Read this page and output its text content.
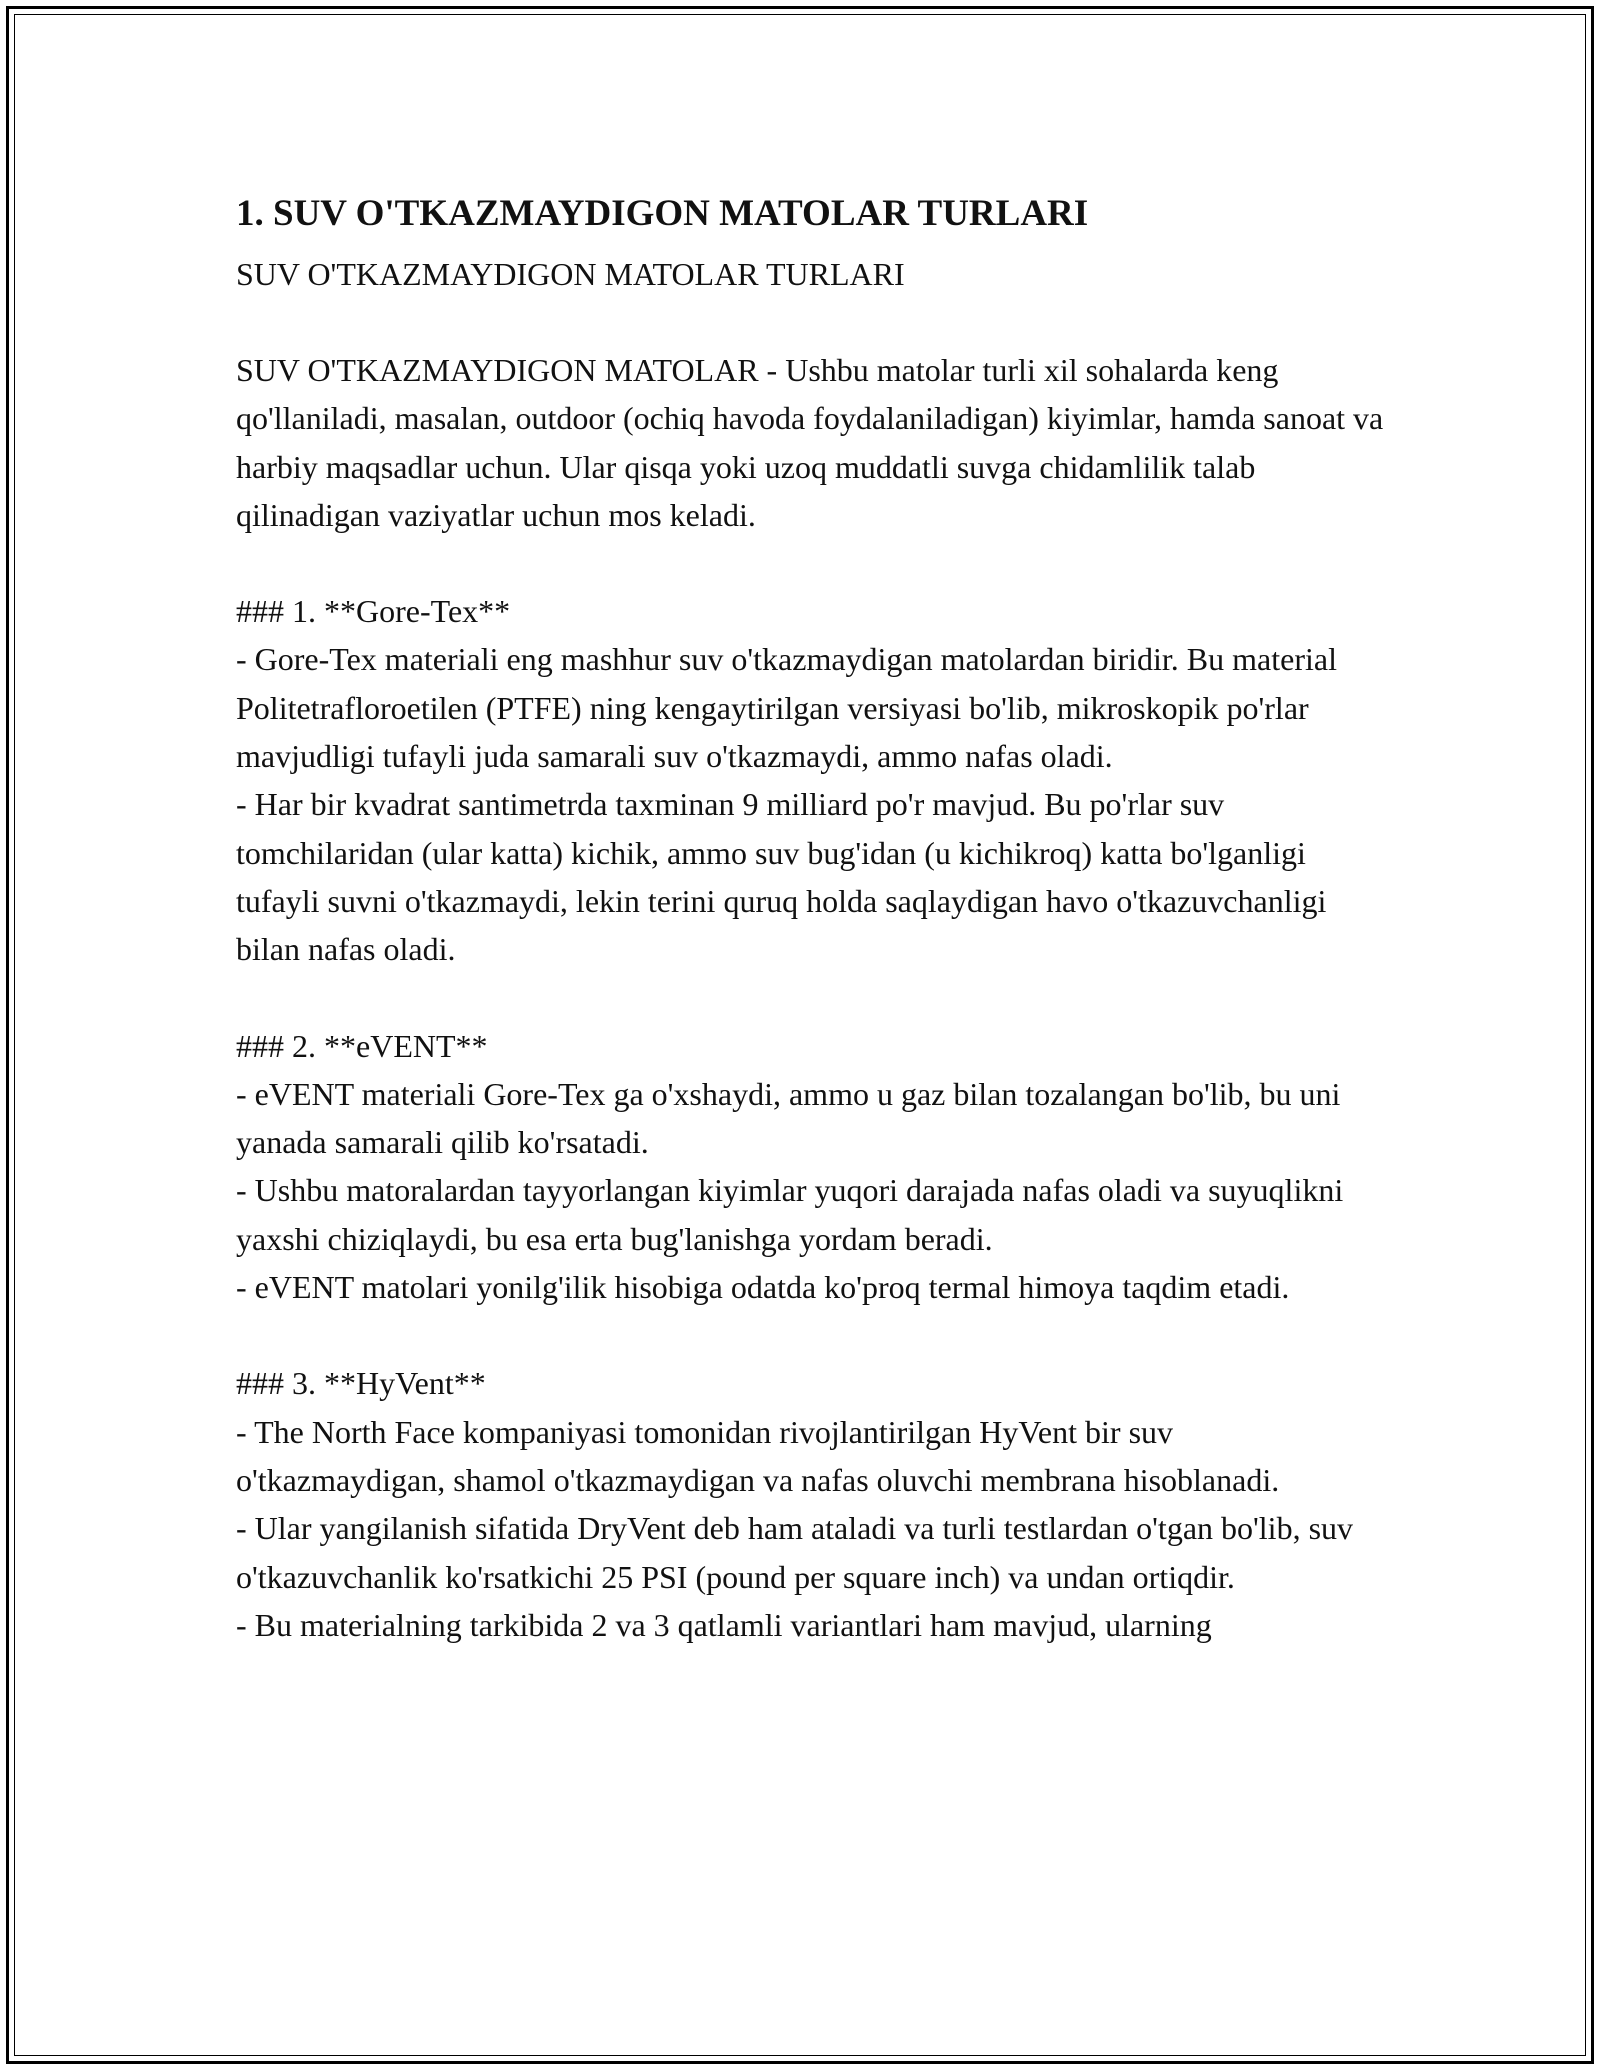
1. SUV O'TKAZMAYDIGON MATOLAR TURLARI

SUV O'TKAZMAYDIGON MATOLAR TURLARI

SUV O'TKAZMAYDIGON MATOLAR - Ushbu matolar turli xil sohalarda keng qo'llaniladi, masalan, outdoor (ochiq havoda foydalaniladigan) kiyimlar, hamda sanoat va harbiy maqsadlar uchun. Ular qisqa yoki uzoq muddatli suvga chidamlilik talab qilinadigan vaziyatlar uchun mos keladi.

### 1. **Gore-Tex**

- Gore-Tex materiali eng mashhur suv o'tkazmaydigan matolardan biridir. Bu material Politetrafloroetilen (PTFE) ning kengaytirilgan versiyasi bo'lib, mikroskopik po'rlar mavjudligi tufayli juda samarali suv o'tkazmaydi, ammo nafas oladi.

- Har bir kvadrat santimetrda taxminan 9 milliard po'r mavjud. Bu po'rlar suv tomchilaridan (ular katta) kichik, ammo suv bug'idan (u kichikroq) katta bo'lganligi tufayli suvni o'tkazmaydi, lekin terini quruq holda saqlaydigan havo o'tkazuvchanligi bilan nafas oladi.

### 2. **eVENT**

- eVENT materiali Gore-Tex ga o'xshaydi, ammo u gaz bilan tozalangan bo'lib, bu uni yanada samarali qilib ko'rsatadi.

- Ushbu matoralardan tayyorlangan kiyimlar yuqori darajada nafas oladi va suyuqlikni yaxshi chiziqlaydi, bu esa erta bug'lanishga yordam beradi.

- eVENT matolari yonilg'ilik hisobiga odatda ko'proq termal himoya taqdim etadi.

### 3. **HyVent**

- The North Face kompaniyasi tomonidan rivojlantirilgan HyVent bir suv o'tkazmaydigan, shamol o'tkazmaydigan va nafas oluvchi membrana hisoblanadi.

- Ular yangilanish sifatida DryVent deb ham ataladi va turli testlardan o'tgan bo'lib, suv o'tkazuvchanlik ko'rsatkichi 25 PSI (pound per square inch) va undan ortiqdir.

- Bu materialning tarkibida 2 va 3 qatlamli variantlari ham mavjud, ularning
